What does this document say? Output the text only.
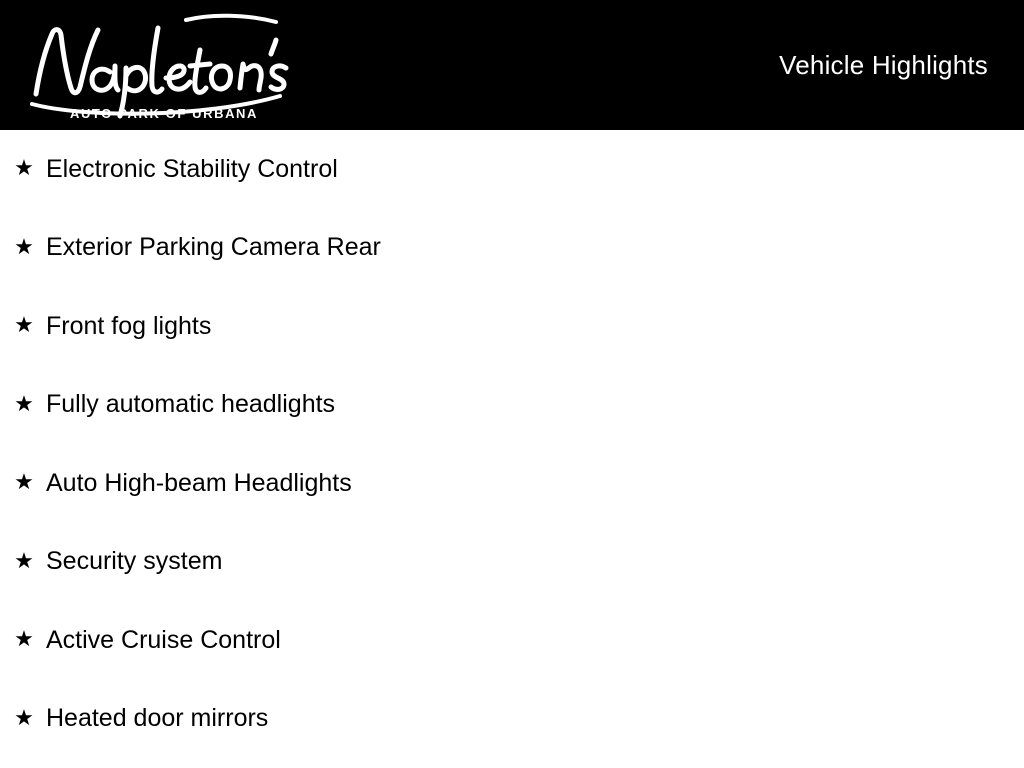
AUTO PARK OF URBANA
Vehicle Highlights
★ Electronic Stability Control
★ Exterior Parking Camera Rear
★ Front fog lights
★ Fully automatic headlights
★ Auto High-beam Headlights
★ Security system
★ Active Cruise Control
★ Heated door mirrors
